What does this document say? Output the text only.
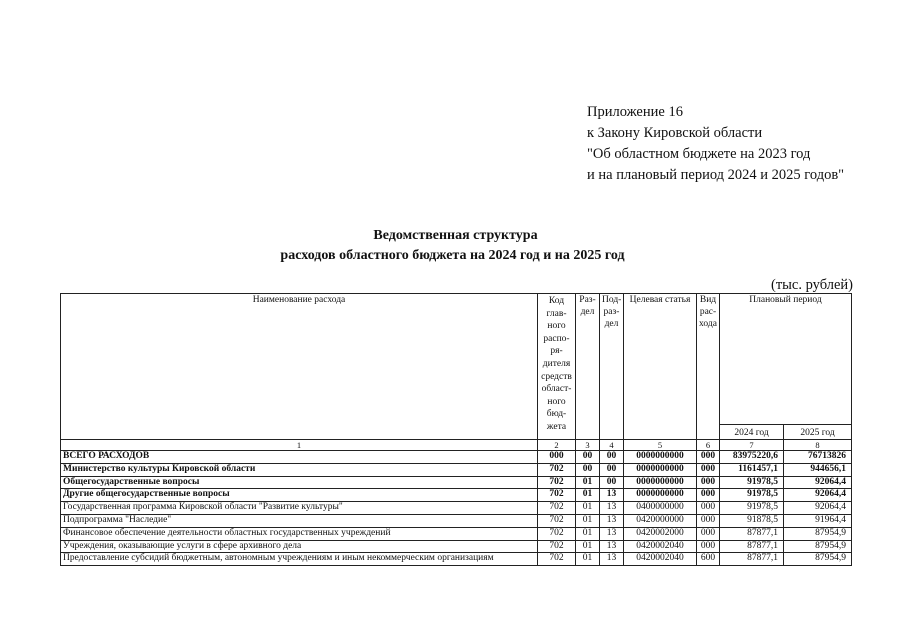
Приложение 16
к Закону Кировской области
"Об областном бюджете на 2023 год
и на плановый период 2024 и 2025 годов"
Ведомственная структура
расходов областного бюджета на 2024 год и на 2025 год
(тыс. рублей)
Наименование расхода	Код глав- ного распо- ря- дителя средств област- ного бюд- жета	Раз- дел	Под- раз- дел	Целевая статья	Вид рас- хода	Плановый период	
						2024 год	2025 год
1	2	3	4	5	6	7	8
ВСЕГО РАСХОДОВ	000	00	00	0000000000	000	83975220,6	76713826
Министерство культуры Кировской области	702	00	00	0000000000	000	1161457,1	944656,1
Общегосударственные вопросы	702	01	00	0000000000	000	91978,5	92064,4
Другие общегосударственные вопросы	702	01	13	0000000000	000	91978,5	92064,4
Государственная программа Кировской области "Развитие культуры"	702	01	13	0400000000	000	91978,5	92064,4
Подпрограмма "Наследие"	702	01	13	0420000000	000	91878,5	91964,4
Финансовое обеспечение деятельности областных государственных учреждений	702	01	13	0420002000	000	87877,1	87954,9
Учреждения, оказывающие услуги в сфере архивного дела	702	01	13	0420002040	000	87877,1	87954,9
Предоставление субсидий бюджетным, автономным учреждениям и иным некоммерческим организациям	702	01	13	0420002040	600	87877,1	87954,9
